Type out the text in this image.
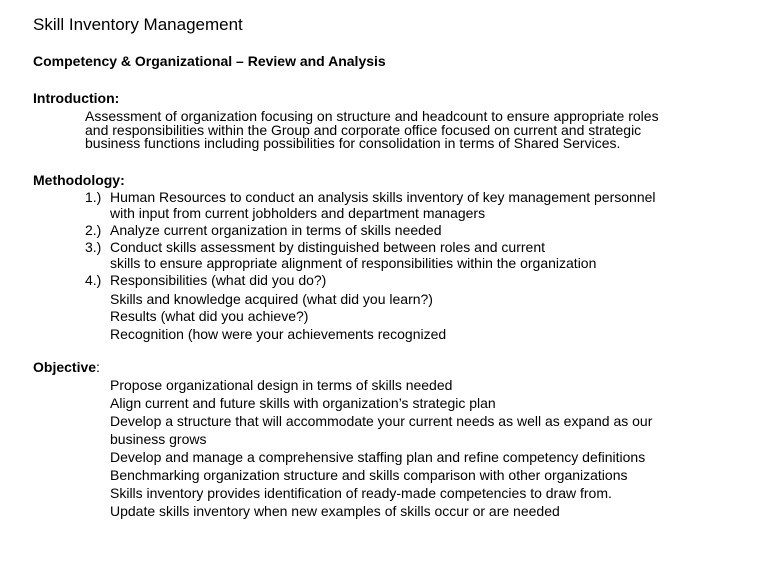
Skill Inventory Management
Competency & Organizational – Review and Analysis
Introduction:
Assessment of organization focusing on structure and headcount to ensure appropriate roles
and responsibilities within the Group and corporate office focused on current and strategic
business functions including possibilities for consolidation in terms of Shared Services.
Methodology:
1.) Human Resources to conduct an analysis skills inventory of key management personnel
with input from current jobholders and department managers
2.) Analyze current organization in terms of skills needed
3.) Conduct skills assessment by distinguished between roles and current
skills to ensure appropriate alignment of responsibilities within the organization
4.) Responsibilities (what did you do?)
Skills and knowledge acquired (what did you learn?)
Results (what did you achieve?)
Recognition (how were your achievements recognized
Objective:
Propose organizational design in terms of skills needed
Align current and future skills with organization’s strategic plan
Develop a structure that will accommodate your current needs as well as expand as our
business grows
Develop and manage a comprehensive staffing plan and refine competency definitions
Benchmarking organization structure and skills comparison with other organizations
Skills inventory provides identification of ready-made competencies to draw from.
Update skills inventory when new examples of skills occur or are needed
